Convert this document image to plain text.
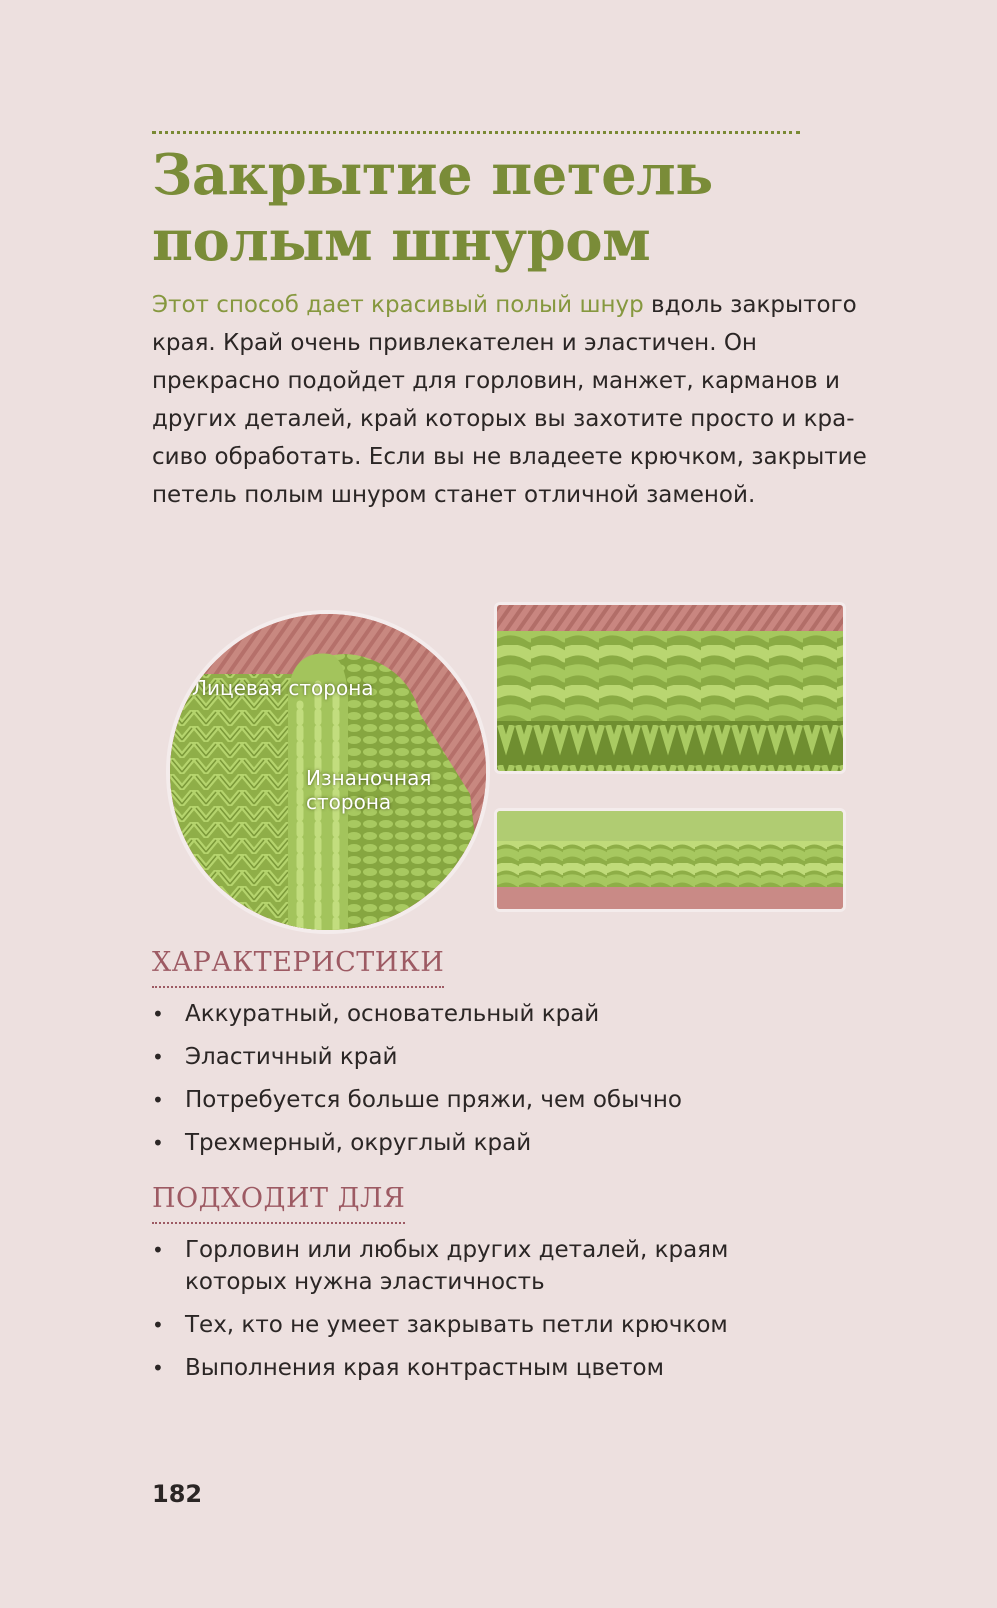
Закрытие петель полым шнуром

Этот способ дает красивый полый шнур вдоль закрытого края. Край очень привлекателен и эластичен. Он прекрасно подойдет для горловин, манжет, карманов и других деталей, край которых вы захотите просто и красиво обработать. Если вы не владеете крючком, закрытие петель полым шнуром станет отличной заменой.

Лицевая сторона
Изнаночная сторона
ХАРАКТЕРИСТИКИ
• Аккуратный, основательный край
• Эластичный край
• Потребуется больше пряжи, чем обычно
• Трехмерный, округлый край
ПОДХОДИТ ДЛЯ
• Горловин или любых других деталей, краям которых нужна эластичность
• Тех, кто не умеет закрывать петли крючком
• Выполнения края контрастным цветом
182
